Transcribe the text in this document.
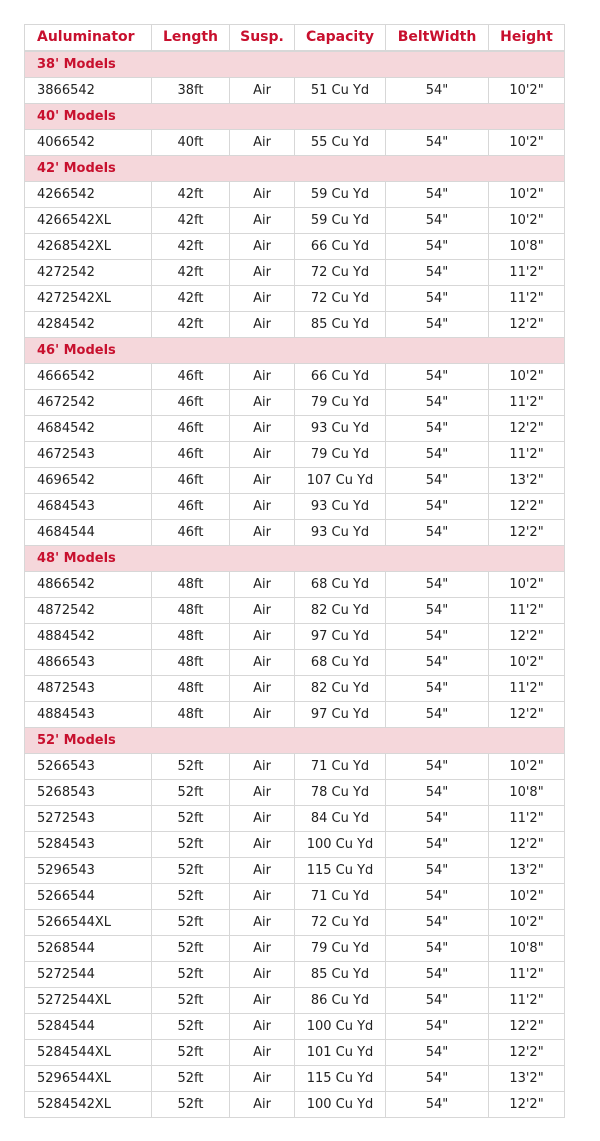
Auluminator	Length	Susp.	Capacity	BeltWidth	Height
38' Models					
3866542	38ft	Air	51 Cu Yd	54"	10'2"
40' Models					
4066542	40ft	Air	55 Cu Yd	54"	10'2"
42' Models					
4266542	42ft	Air	59 Cu Yd	54"	10'2"
4266542XL	42ft	Air	59 Cu Yd	54"	10'2"
4268542XL	42ft	Air	66 Cu Yd	54"	10'8"
4272542	42ft	Air	72 Cu Yd	54"	11'2"
4272542XL	42ft	Air	72 Cu Yd	54"	11'2"
4284542	42ft	Air	85 Cu Yd	54"	12'2"
46' Models					
4666542	46ft	Air	66 Cu Yd	54"	10'2"
4672542	46ft	Air	79 Cu Yd	54"	11'2"
4684542	46ft	Air	93 Cu Yd	54"	12'2"
4672543	46ft	Air	79 Cu Yd	54"	11'2"
4696542	46ft	Air	107 Cu Yd	54"	13'2"
4684543	46ft	Air	93 Cu Yd	54"	12'2"
4684544	46ft	Air	93 Cu Yd	54"	12'2"
48' Models					
4866542	48ft	Air	68 Cu Yd	54"	10'2"
4872542	48ft	Air	82 Cu Yd	54"	11'2"
4884542	48ft	Air	97 Cu Yd	54"	12'2"
4866543	48ft	Air	68 Cu Yd	54"	10'2"
4872543	48ft	Air	82 Cu Yd	54"	11'2"
4884543	48ft	Air	97 Cu Yd	54"	12'2"
52' Models					
5266543	52ft	Air	71 Cu Yd	54"	10'2"
5268543	52ft	Air	78 Cu Yd	54"	10'8"
5272543	52ft	Air	84 Cu Yd	54"	11'2"
5284543	52ft	Air	100 Cu Yd	54"	12'2"
5296543	52ft	Air	115 Cu Yd	54"	13'2"
5266544	52ft	Air	71 Cu Yd	54"	10'2"
5266544XL	52ft	Air	72 Cu Yd	54"	10'2"
5268544	52ft	Air	79 Cu Yd	54"	10'8"
5272544	52ft	Air	85 Cu Yd	54"	11'2"
5272544XL	52ft	Air	86 Cu Yd	54"	11'2"
5284544	52ft	Air	100 Cu Yd	54"	12'2"
5284544XL	52ft	Air	101 Cu Yd	54"	12'2"
5296544XL	52ft	Air	115 Cu Yd	54"	13'2"
5284542XL	52ft	Air	100 Cu Yd	54"	12'2"
